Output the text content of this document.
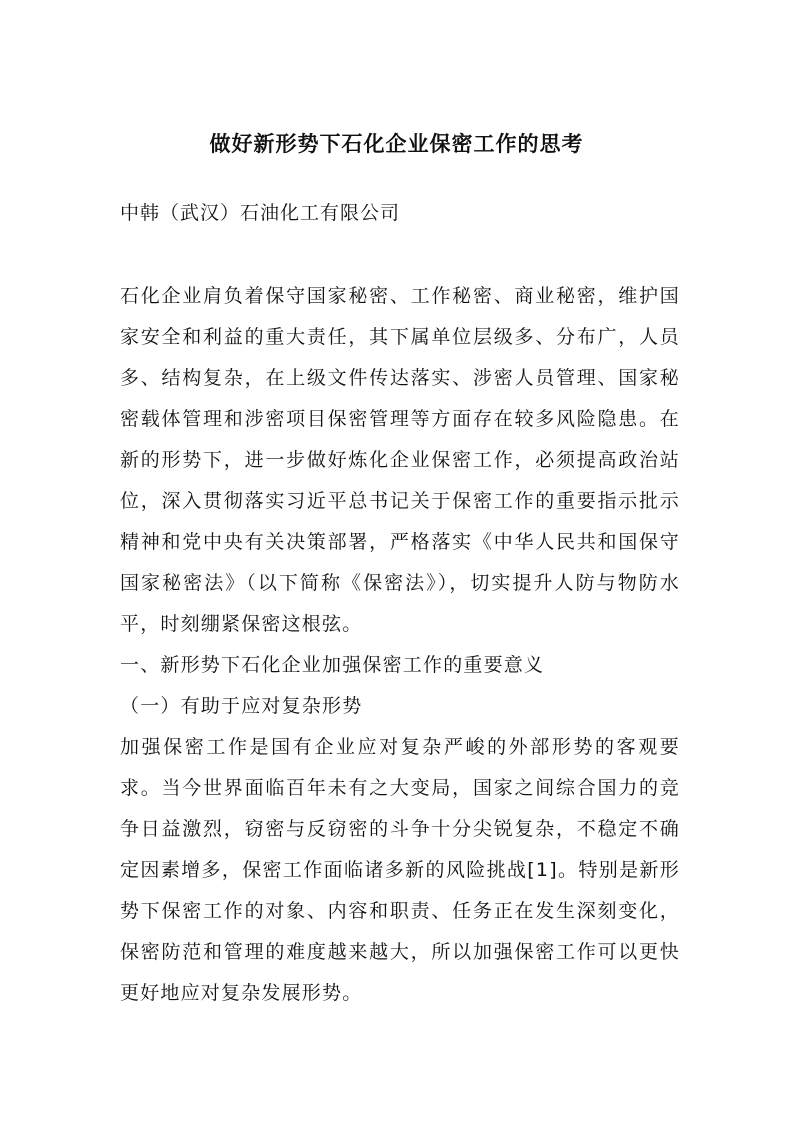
做好新形势下石化企业保密工作的思考
中韩（武汉）石油化工有限公司

石化企业肩负着保守国家秘密、工作秘密、商业秘密，维护国家安全和利益的重大责任，其下属单位层级多、分布广，人员多、结构复杂，在上级文件传达落实、涉密人员管理、国家秘密载体管理和涉密项目保密管理等方面存在较多风险隐患。在新的形势下，进一步做好炼化企业保密工作，必须提高政治站位，深入贯彻落实习近平总书记关于保密工作的重要指示批示精神和党中央有关决策部署，严格落实《中华人民共和国保守国家秘密法》（以下简称《保密法》），切实提升人防与物防水平，时刻绷紧保密这根弦。

一、新形势下石化企业加强保密工作的重要意义

（一）有助于应对复杂形势

加强保密工作是国有企业应对复杂严峻的外部形势的客观要求。当今世界面临百年未有之大变局，国家之间综合国力的竞争日益激烈，窃密与反窃密的斗争十分尖锐复杂，不稳定不确定因素增多，保密工作面临诸多新的风险挑战[1]。特别是新形势下保密工作的对象、内容和职责、任务正在发生深刻变化， 保密防范和管理的难度越来越大，所以加强保密工作可以更快更好地应对复杂发展形势。
